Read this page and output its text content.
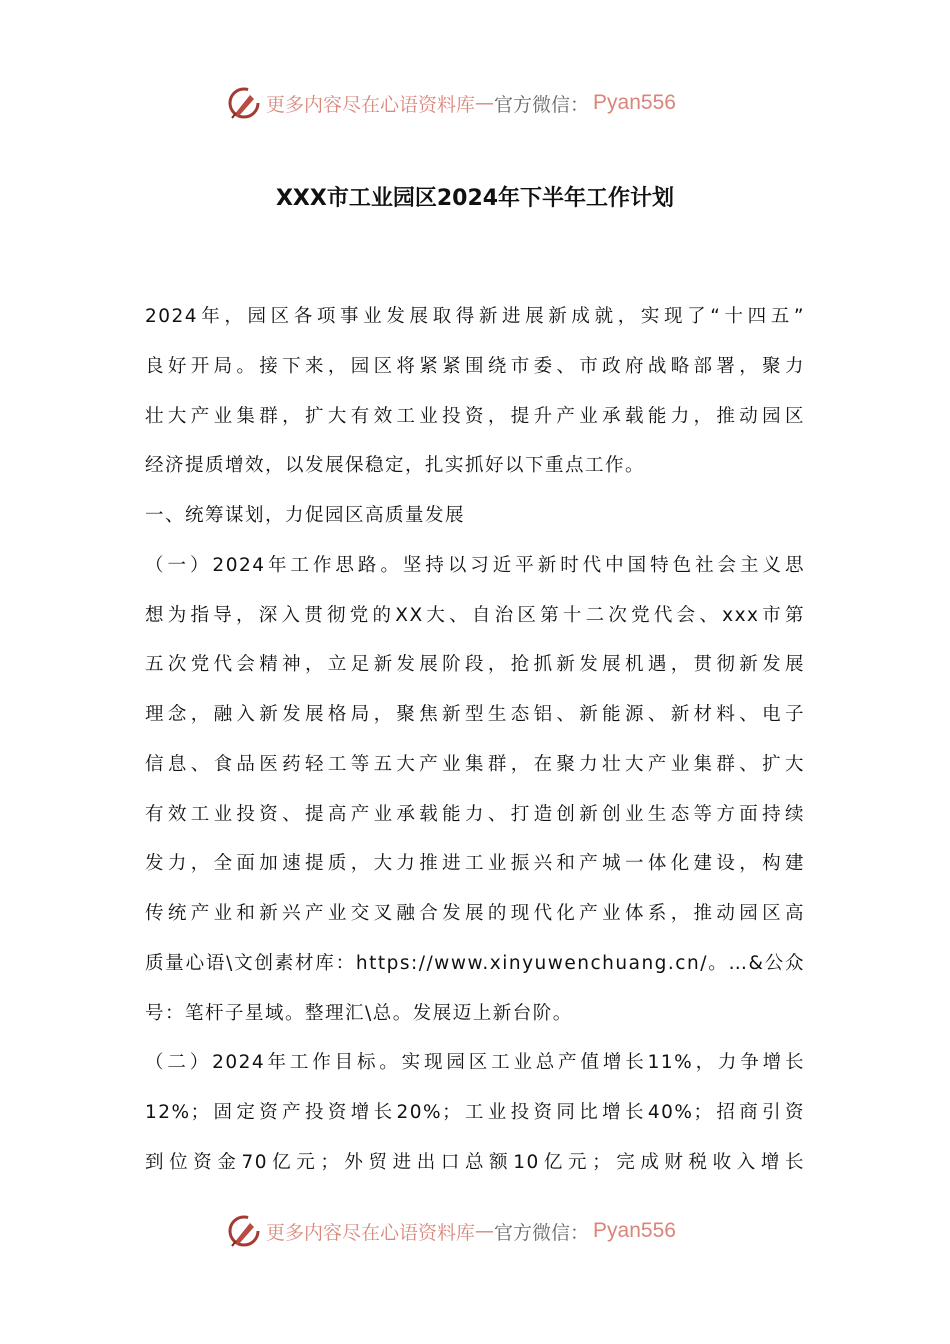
更多内容尽在心语资料库 — 官方微信： Pyan556
XXX市工业园区2024年下半年工作计划
2024年，园区各项事业发展取得新进展新成就，实现了“十四五”
良好开局。接下来，园区将紧紧围绕市委、市政府战略部署，聚力
壮大产业集群，扩大有效工业投资，提升产业承载能力，推动园区
经济提质增效，以发展保稳定，扎实抓好以下重点工作。
一、统筹谋划，力促园区高质量发展
（一）2024年工作思路。坚持以习近平新时代中国特色社会主义思
想为指导，深入贯彻党的XX大、自治区第十二次党代会、xxx市第
五次党代会精神，立足新发展阶段，抢抓新发展机遇，贯彻新发展
理念，融入新发展格局，聚焦新型生态铝、新能源、新材料、电子
信息、食品医药轻工等五大产业集群，在聚力壮大产业集群、扩大
有效工业投资、提高产业承载能力、打造创新创业生态等方面持续
发力，全面加速提质，大力推进工业振兴和产城一体化建设，构建
传统产业和新兴产业交叉融合发展的现代化产业体系，推动园区高
质量心语\文创素材库：https://www.xinyuwenchuang.cn/。…&公众
号：笔杆子星域。整理汇\总。发展迈上新台阶。
（二）2024年工作目标。实现园区工业总产值增长11%，力争增长
12%；固定资产投资增长20%；工业投资同比增长40%；招商引资
到位资金70亿元；外贸进出口总额10亿元；完成财税收入增长
更多内容尽在心语资料库 — 官方微信： Pyan556
